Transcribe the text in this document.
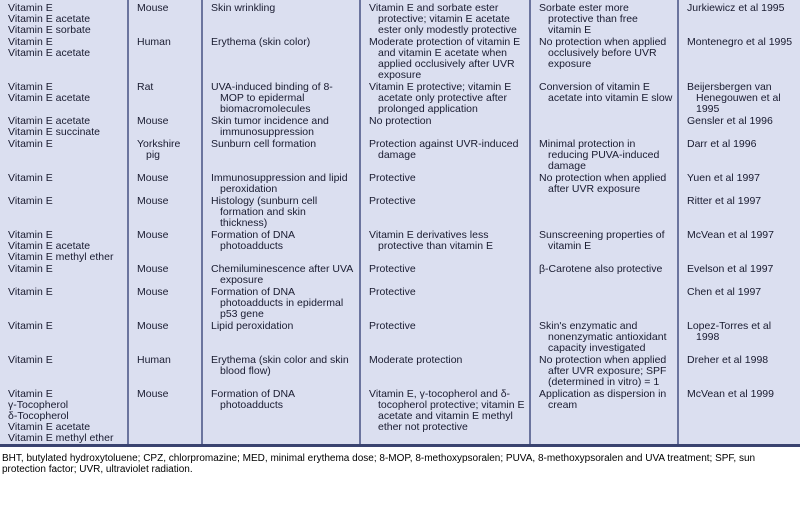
Vitamin E
Vitamin E acetate
Vitamin E sorbate	Mouse	Skin wrinkling	Vitamin E and sorbate ester protective; vitamin E acetate ester only modestly protective	Sorbate ester more protective than free vitamin E	Jurkiewicz et al 1995

Vitamin E
Vitamin E acetate	Human	Erythema (skin color)	Moderate protection of vitamin E and vitamin E acetate when applied occlusively after UVR exposure	No protection when applied occlusively before UVR exposure	Montenegro et al 1995

Vitamin E
Vitamin E acetate	Rat	UVA-induced binding of 8-MOP to epidermal biomacromolecules	Vitamin E protective; vitamin E acetate only protective after prolonged application	Conversion of vitamin E acetate into vitamin E slow	Beijersbergen van Henegouwen et al 1995

Vitamin E acetate
Vitamin E succinate	Mouse	Skin tumor incidence and immunosuppression	No protection		Gensler et al 1996

Vitamin E	Yorkshire pig	Sunburn cell formation	Protection against UVR-induced damage	Minimal protection in reducing PUVA-induced damage	Darr et al 1996

Vitamin E	Mouse	Immunosuppression and lipid peroxidation	Protective	No protection when applied after UVR exposure	Yuen et al 1997

Vitamin E	Mouse	Histology (sunburn cell formation and skin thickness)	Protective		Ritter et al 1997

Vitamin E
Vitamin E acetate
Vitamin E methyl ether	Mouse	Formation of DNA photoadducts	Vitamin E derivatives less protective than vitamin E	Sunscreening properties of vitamin E	McVean et al 1997

Vitamin E	Mouse	Chemiluminescence after UVA exposure	Protective	β-Carotene also protective	Evelson et al 1997

Vitamin E	Mouse	Formation of DNA photoadducts in epidermal p53 gene	Protective		Chen et al 1997

Vitamin E	Mouse	Lipid peroxidation	Protective	Skin's enzymatic and nonenzymatic antioxidant capacity investigated	Lopez-Torres et al 1998

Vitamin E	Human	Erythema (skin color and skin blood flow)	Moderate protection	No protection when applied after UVR exposure; SPF (determined in vitro) = 1	Dreher et al 1998

Vitamin E
γ-Tocopherol
δ-Tocopherol
Vitamin E acetate
Vitamin E methyl ether	Mouse	Formation of DNA photoadducts	Vitamin E, γ-tocopherol and δ-tocopherol protective; vitamin E acetate and vitamin E methyl ether not protective	Application as dispersion in cream	McVean et al 1999
BHT, butylated hydroxytoluene; CPZ, chlorpromazine; MED, minimal erythema dose; 8-MOP, 8-methoxypsoralen; PUVA, 8-methoxypsoralen and UVA treatment; SPF, sun protection factor; UVR, ultraviolet radiation.
